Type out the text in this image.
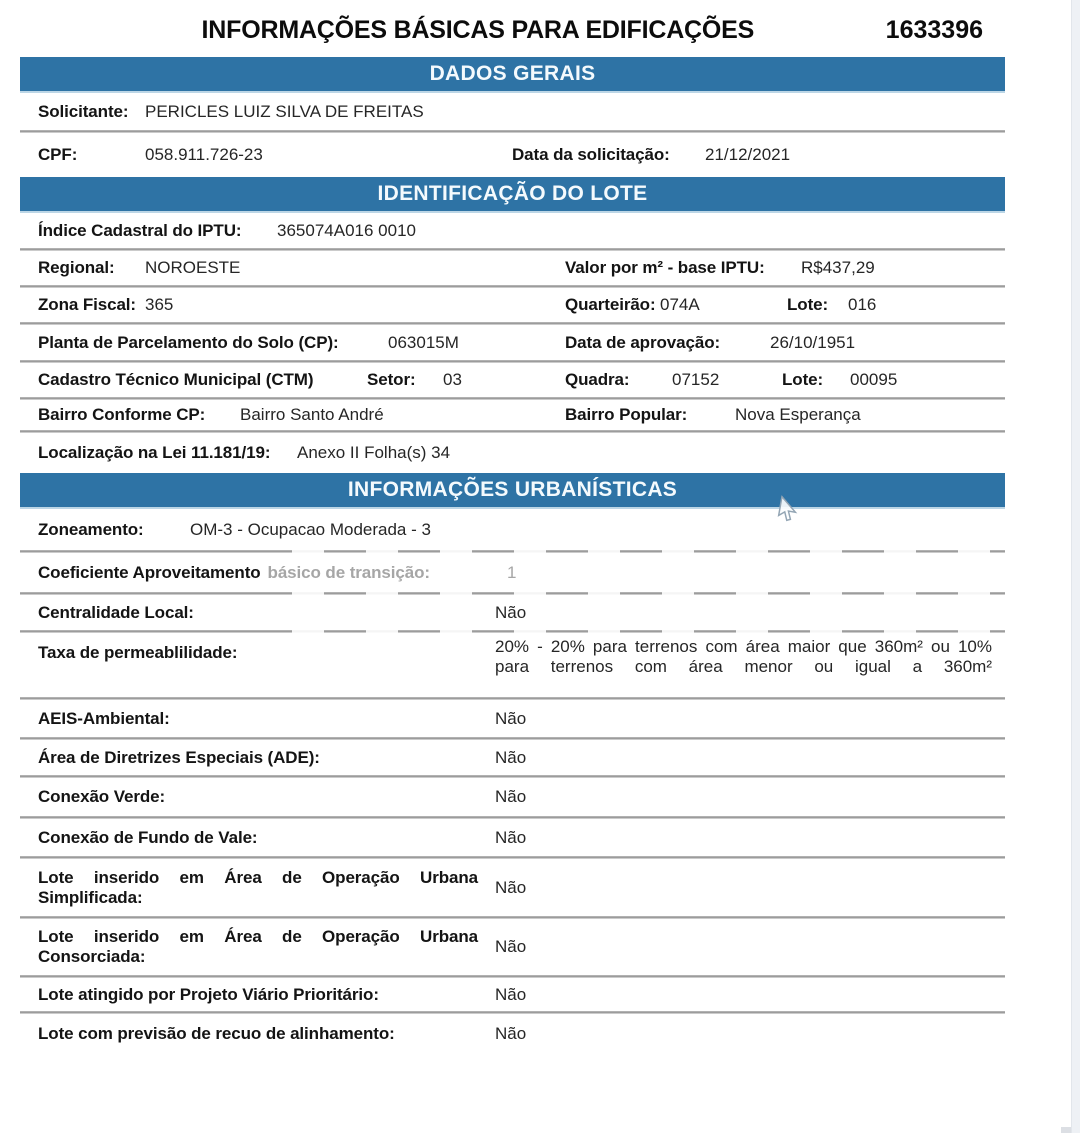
INFORMAÇÕES BÁSICAS PARA EDIFICAÇÕES	1633396
DADOS GERAIS
Solicitante: PERICLES LUIZ SILVA DE FREITAS
CPF:	058.911.726-23	Data da solicitação:	21/12/2021
IDENTIFICAÇÃO DO LOTE
Índice Cadastral do IPTU:	365074A016 0010
Regional:	NOROESTE	Valor por m² - base IPTU:	R$437,29
Zona Fiscal: 365	Quarteirão: 074A	Lote:	016
Planta de Parcelamento do Solo (CP):	063015M	Data de aprovação:	26/10/1951
Cadastro Técnico Municipal (CTM)	Setor:	03	Quadra:	07152	Lote:	00095
Bairro Conforme CP:	Bairro Santo André	Bairro Popular:	Nova Esperança
Localização na Lei 11.181/19:	Anexo II Folha(s) 34
INFORMAÇÕES URBANÍSTICAS
Zoneamento:	OM-3 - Ocupacao Moderada - 3
Coeficiente Aproveitamento básico de transição:	1
Centralidade Local:	Não
Taxa de permeablilidade:	20% - 20% para terrenos com área maior que 360m² ou 10% para terrenos com área menor ou igual a 360m²
AEIS-Ambiental:	Não
Área de Diretrizes Especiais (ADE):	Não
Conexão Verde:	Não
Conexão de Fundo de Vale:	Não
Lote inserido em Área de Operação Urbana Simplificada:
Não
Lote inserido em Área de Operação Urbana Consorciada:
Não
Lote atingido por Projeto Viário Prioritário:	Não
Lote com previsão de recuo de alinhamento:	Não
